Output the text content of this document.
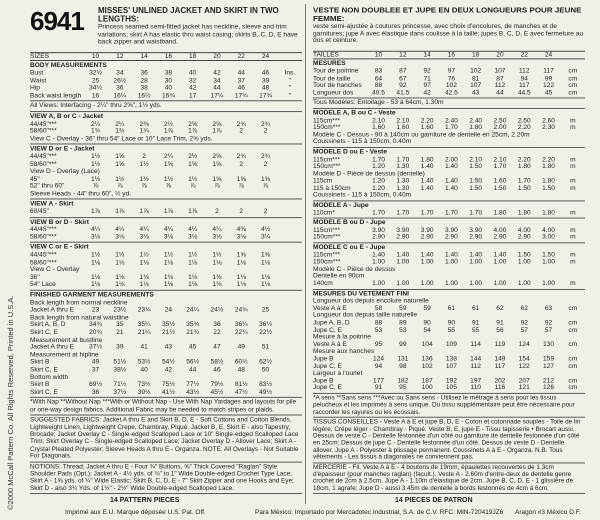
©2000 McCall Pattern Co. All Rights Reserved. Printed in U.S.A.
6941 MISSES' UNLINED JACKET AND SKIRT IN TWO LENGTHS:
Princess seamed semi-fitted jacket has neckline, sleeve and trim variations; skirt A has elastic thru waist casing; skirts B, C, D, E have back zipper and waistband.
SIZES	10	12	14	16	18	20	22	24
BODY MEASUREMENTS
Bust	32½	34	36	38	40	42	44	46	Ins.
Waist	25	26½	28	30	32	34	37	39	"
Hip	34½	36	38	40	42	44	46	48	"
Back waist length	16	16¼	16½	16¾	17	17¼	17¾	17¾	"
All Views: Interfacing - 2¼" thru 2⅝", 1½ yds.
VIEW A, B or C - Jacket
44/45"***	2¼	2¼	2⅜	2½	2⅝	2⅝	2¾	2¾
58/60"***	1¾	1¾	1¾	1⅞	1⅞	1⅞	2	2
View C - Overlay - 36" thru 54" Lace or 10" Lace Trim, 2⅝ yds.
VIEW D or E - Jacket
44/45"***	1½	1⅝	2	2¼	2½	2⅝	2¾	2¾
58/60"***	1½	1⅝	1½	1⅝	1⅝	1⅝	2	2
View D - Overlay (Lace)
45"	1½	1½	1½	1½	1½	1⅝	1⅝	1⅝
52" thru 60"	⅞	⅞	⅞	⅞	⅞	⅞	⅞	⅞
Sleeve Heads - 44" thru 60", ½ yd.
VIEW A - Skirt
60/45"	1⅞	1⅞	1⅞	1⅞	1⅞	2	2	2
VIEW B or D - Skirt
44/45"***	4¼	4¼	4¼	4¼	4¼	4¼	4⅜	4½
58/60"***	3⅛	3⅛	3⅛	3⅛	3⅛	3⅛	3⅛	3¼
VIEW C or E - Skirt
44/45"***	1½	1½	1½	1½	1½	1½	1⅝	1⅝
58/60"***	1⅛	1⅛	1⅛	1⅛	1⅛	1⅛	1⅛	1⅛
View C - Overlay
36"	1⅛	1⅛	1⅛	1⅛	1⅛	1⅛	1⅛	1⅛
54" Lace	1⅛	1⅛	1⅛	1⅛	1⅛	1⅛	1⅛	1⅛
FINISHED GARMENT MEASUREMENTS
Back length from normal neckline
Jacket A thru E	23	23½	23¾	24	24¼	24½	24¾	25
Back length from natural waistline
Skirt A, B, D	34¾	35	35¼	35½	35¾	36	36¼	36½
Skirt C, E	20¾	21	21¼	21½	21¾	22	22¼	22½
Measurement at bustline
Jacket A thru E	37½	39	41	43	45	47	49	51
Measurement at hipline
Skirt B	49	51½	53½	54½	56½	58½	60½	62½
Skirt C, E	37	38½	40	42	44	46	48	50
Bottom width
Skirt B	69½	71½	73½	75½	77½	79½	81½	83½
Skirt C, E	36	37½	39½	41½	43½	45½	47½	49½
*With Nap **Without Nap ***With or Without Nap - Use With Nap Yardages and layouts for pile or one-way design fabrics. Additional Fabric may be needed to match stripes or plaids.
SUGGESTED FABRICS: Jacket A thru E and Skirt B, D, E - Soft Cottons and Cotton Blends, Lightweight Linen, Lightweight Crepe, Chambray, Piqué. Jacket B, E, Skirt E - also Tapestry, Brocade; Jacket Overlay C - Single-edged Scalloped Lace or 10" Single-edged Scalloped Lace Trim; Skirt Overlay C - Single-edged Scalloped Lace; Jacket Overlay D - Allover Lace; Skirt A - Crystal Pleated Polyester; Sleeve Heads A thru E - Organza. NOTE: All Overlays - Not Suitable For Diagonals.
NOTIONS: Thread; Jacket A thru E - Four ¾" Buttons, ⅝" Thick Covered "Raglan" Style Shoulder Pads (Opt.); Jacket A - 4½ yds. of ¾" to 1" Wide Double-edged Crochet Type Lace; Skirt A - 1⅝ yds. of ¾" Wide Elastic; Skirt B, C, D, E - 7" Skirt Zipper and one Hooks and Eye; Skirt D - also 3¾ Yds. of 1½" - 2½" Wide Double-edged Scalloped Lace.
VESTE NON DOUBLEE ET JUPE EN DEUX LONGUEURS POUR JEUNE FEMME:
veste semi-ajustée à coutures princesse, avec choix d'encolures, de manches et de garnitures; jupe A avec élastique dans coulisse à la taille; jupes B, C, D, E avec fermeture au dos et ceinture.
TAILLES	10	12	14	16	18	20	22	24
MESURES
Tour de poitrine	83	87	92	97	102	107	112	117	cm
Tour de taille	64	67	71	76	81	87	94	99	cm
Tour de hanches	88	92	97	102	107	112	117	122	cm
Longueur dos	40.5	41.5	42	42.5	43	44	44.5	45	cm
Tous Modèles: Entoilage - 53 à 64cm, 1.30m
MODELE A, B ou C - Veste
115cm***	2.10	2.10	2.20	2.40	2.40	2.50	2.50	2.60	m
150cm***	1.60	1.60	1.60	1.70	1.80	2.00	2.20	2.30	m
Modèle C - Dessus - 90 à 140cm ou garniture de dentelle en 25cm, 2.20m
Coussinets - 115 à 150cm, 0.40m
MODELE D ou E - Veste
115cm***	1.70	1.70	1.80	2.00	2.10	2.10	2.20	2.20	m
150cm***	1.20	1.30	1.40	1.40	1.50	1.70	1.80	1.80	m
Modèle D - Pièce de dessus (dentelle)
115cm	1.20	1.30	1.40	1.40	1.50	1.60	1.70	1.80	m
115 à 150cm	1.20	1.30	1.40	1.40	1.50	1.50	1.50	1.50	m
Coussinets - 115 à 150cm, 0.40m
MODELE A - Jupe
110cm*	1.70	1.70	1.70	1.70	1.70	1.80	1.80	1.80	m
MODELE B ou D - Jupe
115cm***	3.90	3.90	3.90	3.90	3.90	4.00	4.00	4.00	m
150cm***	2.90	2.90	2.90	2.90	2.90	2.90	2.90	3.00	m
MODELE C ou E - Jupe
115cm***	1.40	1.40	1.40	1.40	1.40	1.40	1.50	1.50	m
150cm***	1.00	1.00	1.00	1.00	1.00	1.00	1.00	1.00	m
Modèle C - Pièce de dessus
Dentelle en 90cm
140cm	1.00	1.00	1.00	1.00	1.00	1.00	1.00	1.00	m
MESURES DU VETEMENT FINI
Longueur dos depuis encolure naturelle
Veste A à E	58	59	59	61	61	62	62	63	cm
Longueur dos depuis taille naturelle
Jupe A, B, D	88	89	90	90	91	91	92	92	cm
Jupe C, E	53	53	54	55	55	56	57	57	cm
Mesure à la poitrine
Veste A à E	95	99	104	109	114	119	124	130	cm
Mesure aux hanches
Jupe B	124	131	136	138	144	149	154	159	cm
Jupe C, E	94	98	102	107	112	117	122	127	cm
Largeur à l'ourlet
Jupe B	177	182	187	192	197	202	207	212	cm
Jupe C, E	91	95	100	105	110	116	121	126	cm
*A sens **Sans sens ***Avec ou Sans sens - Utilisez le métrage à sens pour les tissus pelucheux et les imprimés à sens unique. Du tissu supplémentaire peut être nécessaire pour raccorder les rayures ou les écossais.
TISSUS CONSEILLES - Veste A à E et jupe B, D, E - Coton et cotonnade souples - Toile de lin légère, Crêpe léger - Chambray - Piqué. Veste B, E, jupe E - Tissu tapisserie • Brocart aussi. Dessus de veste C - Dentelle festonnée d'un côté ou garniture de dentelle festonnée d'un côté en 25cm; Dessus de jupe C - Dentelle festonnée d'un côté. Dessus de veste D - Dentelle allover. Jupe A - Polyester à plissage permanent. Coussinets A à E - Organza. N.B. Tous vêtements - Les tissus à diagonales ne conviennent pas.
MERCERIE - Fil. Veste A à E - 4 boutons de 19mm, épaulettes recouvertes de 1.3cm d'épaisseur (pour manches raglan) (facult.). Veste A - 2.60m d'entre-deux de dentelle genre crochet de 2cm à 2.5cm. Jupe A - 1.10m d'élastique de 2cm. Jupe B, C, D, E - 1 glissière de 18cm, 1 agrafe; Jupe D - aussi 3.45m de dentelle à bords festonnés de 4cm à 6cm.
14 PATTERN PIECES	14 PIECES DE PATRON
Imprimé aux E.U. Marque déposée U.S. Pat. Off.	Para México: Importado por Mercadotec Industrial, S.A. de C.V. RFC: MIN-720419JZ6 Aragón #3 México D.F.
